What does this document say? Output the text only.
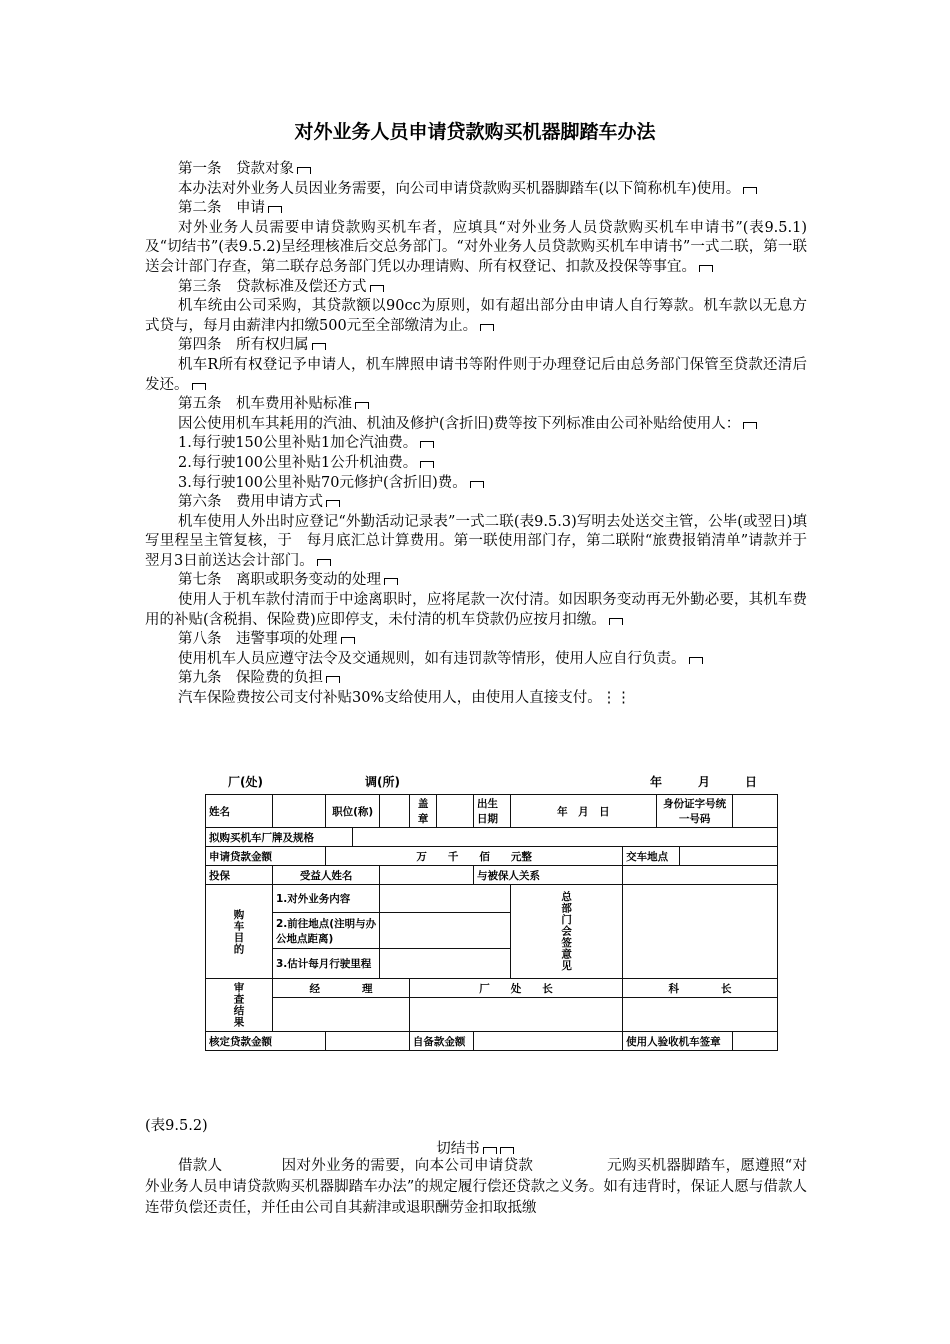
对外业务人员申请贷款购买机器脚踏车办法

第一条　贷款对象

本办法对外业务人员因业务需要，向公司申请贷款购买机器脚踏车(以下简称机车)使用。

第二条　申请

对外业务人员需要申请贷款购买机车者，应填具“对外业务人员贷款购买机车申请书”(表9.5.1)及“切结书”(表9.5.2)呈经理核准后交总务部门。“对外业务人员贷款购买机车申请书”一式二联，第一联送会计部门存查，第二联存总务部门凭以办理请购、所有权登记、扣款及投保等事宜。

第三条　贷款标准及偿还方式

机车统由公司采购，其贷款额以90cc为原则，如有超出部分由申请人自行筹款。机车款以无息方式贷与，每月由薪津内扣缴500元至全部缴清为止。

第四条　所有权归属

机车R所有权登记予申请人，机车牌照申请书等附件则于办理登记后由总务部门保管至贷款还清后发还。

第五条　机车费用补贴标准

因公使用机车其耗用的汽油、机油及修护(含折旧)费等按下列标准由公司补贴给使用人：

1.每行驶150公里补贴1加仑汽油费。

2.每行驶100公里补贴1公升机油费。

3.每行驶100公里补贴70元修护(含折旧)费。

第六条　费用申请方式

机车使用人外出时应登记“外勤活动记录表”一式二联(表9.5.3)写明去处送交主管，公毕(或翌日)填写里程呈主管复核，于　每月底汇总计算费用。第一联使用部门存，第二联附“旅费报销清单”请款并于翌月3日前送达会计部门。

第七条　离职或职务变动的处理

使用人于机车款付清而于中途离职时，应将尾款一次付清。如因职务变动再无外勤必要，其机车费用的补贴(含税捐、保险费)应即停支，未付清的机车贷款仍应按月扣缴。

第八条　违警事项的处理

使用机车人员应遵守法令及交通规则，如有违罚款等情形，使用人应自行负责。

第九条　保险费的负担

汽车保险费按公司支付补贴30%支给使用人，由使用人直接支付。⋮⋮

厂(处)	调(所)	年	月	日
姓名		职位(称)			盖章		出生日期	年　月　日		身份证字号统一号码		
拟购买机车厂牌及规格												
申请贷款金额		万　　千　　佰　　元整							交车地点			
投保	受益人姓名						与被保人关系					
购车目的	1.对外业务内容							总部门会签意见				
	2.前往地点(注明与办公地点距离)											
	3.估计每月行驶里程											
审查结果	经　　　　理				厂　　处　　长				科　　　　长			

核定贷款金额					自备款金额				使用人验收机车签章			
(表9.5.2)
切结书
借款人　　　　因对外业务的需要，向本公司申请贷款　　　　　元购买机器脚踏车，愿遵照“对外业务人员申请贷款购买机器脚踏车办法”的规定履行偿还贷款之义务。如有违背时，保证人愿与借款人连带负偿还责任，并任由公司自其薪津或退职酬劳金扣取抵缴
